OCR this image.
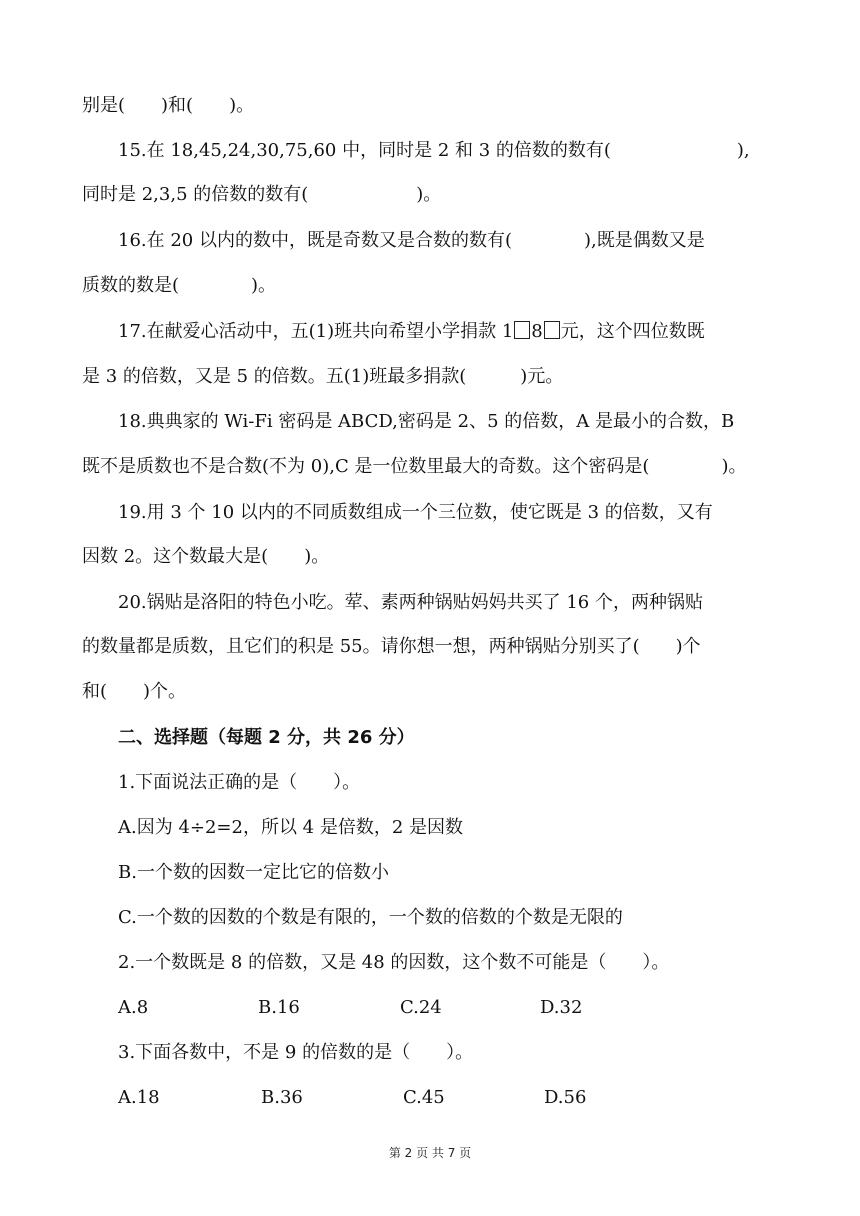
别是(　　)和(　　)。
15.在 18,45,24,30,75,60 中，同时是 2 和 3 的倍数的数有(　　　　　　　),
同时是 2,3,5 的倍数的数有(　　　　　　)。
16.在 20 以内的数中，既是奇数又是合数的数有(　　　　),既是偶数又是
质数的数是(　　　　)。
17.在献爱心活动中，五(1)班共向希望小学捐款 1 8 元，这个四位数既
是 3 的倍数，又是 5 的倍数。五(1)班最多捐款(　　　)元。
18.典典家的 Wi-Fi 密码是 ABCD,密码是 2、5 的倍数，A 是最小的合数，B
既不是质数也不是合数(不为 0),C 是一位数里最大的奇数。这个密码是(　　　　)。
19.用 3 个 10 以内的不同质数组成一个三位数，使它既是 3 的倍数，又有
因数 2。这个数最大是(　　)。
20.锅贴是洛阳的特色小吃。荤、素两种锅贴妈妈共买了 16 个，两种锅贴
的数量都是质数，且它们的积是 55。请你想一想，两种锅贴分别买了(　　)个
和(　　)个。
二、选择题（每题 2 分，共 26 分）
1.下面说法正确的是（　　）。
A.因为 4÷2=2，所以 4 是倍数，2 是因数
B.一个数的因数一定比它的倍数小
C.一个数的因数的个数是有限的，一个数的倍数的个数是无限的
2.一个数既是 8 的倍数，又是 48 的因数，这个数不可能是（　　）。
A.8	B.16	C.24	D.32
3.下面各数中，不是 9 的倍数的是（　　）。
A.18	B.36	C.45	D.56
第 2 页 共 7 页
